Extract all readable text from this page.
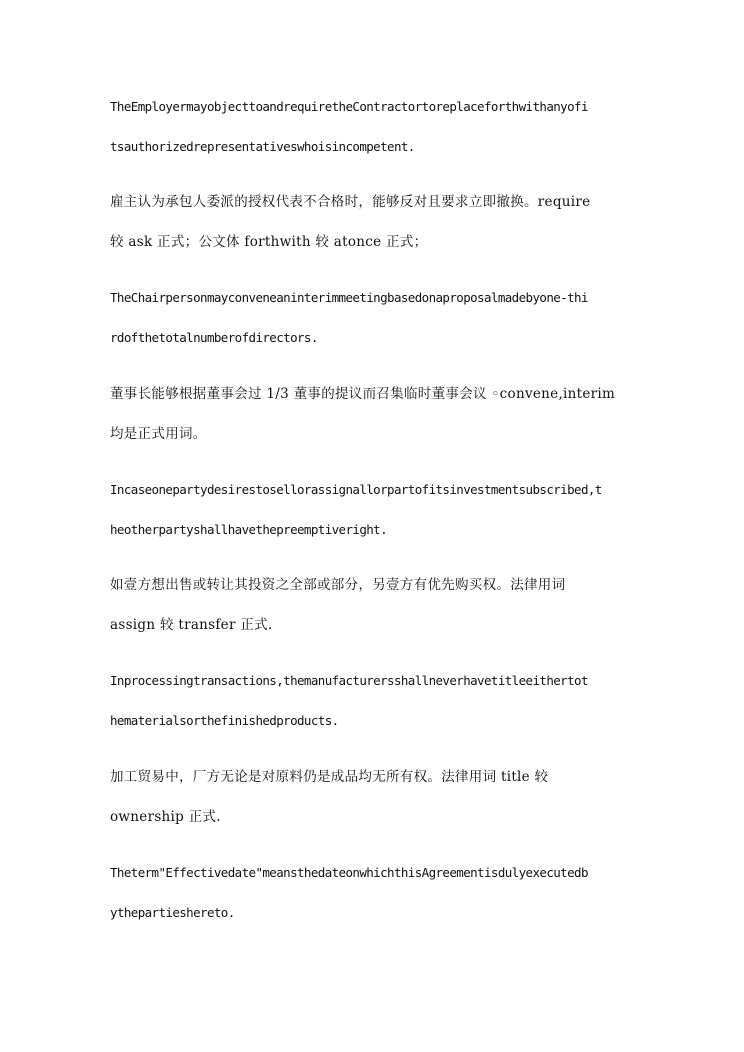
TheEmployermayobjecttoandrequiretheContractortoreplaceforthwithanyofi
tsauthorizedrepresentativeswhoisincompetent.
雇主认为承包人委派的授权代表不合格时，能够反对且要求立即撤换。require
较 ask 正式；公文体 forthwith 较 atonce 正式；
TheChairpersonmayconveneaninterimmeetingbasedonaproposalmadebyone-thi
rdofthetotalnumberofdirectors.
董事长能够根据董事会过 1/3 董事的提议而召集临时董事会议 ◦convene,interim
均是正式用词。
Incaseonepartydesirestosellorassignallorpartofitsinvestmentsubscribed,t
heotherpartyshallhavethepreemptiveright.
如壹方想出售或转让其投资之全部或部分，另壹方有优先购买权。法律用词
assign 较 transfer 正式.
Inprocessingtransactions,themanufacturersshallneverhavetitleeithertot
hematerialsorthefinishedproducts.
加工贸易中，厂方无论是对原料仍是成品均无所有权。法律用词 title 较
ownership 正式.
Theterm"Effectivedate"meansthedateonwhichthisAgreementisdulyexecutedb
ythepartieshereto.
